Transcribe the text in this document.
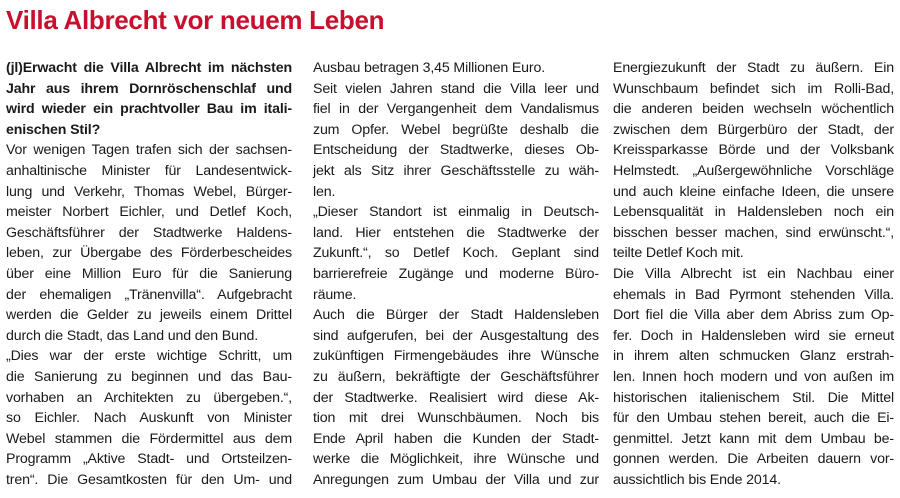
Villa Albrecht vor neuem Leben
(jl)Erwacht die Villa Albrecht im nächsten
Jahr aus ihrem Dornröschenschlaf und
wird wieder ein prachtvoller Bau im itali-
enischen Stil?
Vor wenigen Tagen trafen sich der sachsen-
anhaltinische Minister für Landesentwick-
lung und Verkehr, Thomas Webel, Bürger-
meister Norbert Eichler, und Detlef Koch,
Geschäftsführer der Stadtwerke Haldens-
leben, zur Übergabe des Förderbescheides
über eine Million Euro für die Sanierung
der ehemaligen „Tränenvilla“. Aufgebracht
werden die Gelder zu jeweils einem Drittel
durch die Stadt, das Land und den Bund.
„Dies war der erste wichtige Schritt, um
die Sanierung zu beginnen und das Bau-
vorhaben an Architekten zu übergeben.“,
so Eichler. Nach Auskunft von Minister
Webel stammen die Fördermittel aus dem
Programm „Aktive Stadt- und Ortsteilzen-
tren“. Die Gesamtkosten für den Um- und
Ausbau betragen 3,45 Millionen Euro.
Seit vielen Jahren stand die Villa leer und
fiel in der Vergangenheit dem Vandalismus
zum Opfer. Webel begrüßte deshalb die
Entscheidung der Stadtwerke, dieses Ob-
jekt als Sitz ihrer Geschäftsstelle zu wäh-
len.
„Dieser Standort ist einmalig in Deutsch-
land. Hier entstehen die Stadtwerke der
Zukunft.“, so Detlef Koch. Geplant sind
barrierefreie Zugänge und moderne Büro-
räume.
Auch die Bürger der Stadt Haldensleben
sind aufgerufen, bei der Ausgestaltung des
zukünftigen Firmengebäudes ihre Wünsche
zu äußern, bekräftigte der Geschäftsführer
der Stadtwerke. Realisiert wird diese Ak-
tion mit drei Wunschbäumen. Noch bis
Ende April haben die Kunden der Stadt-
werke die Möglichkeit, ihre Wünsche und
Anregungen zum Umbau der Villa und zur
Energiezukunft der Stadt zu äußern. Ein
Wunschbaum befindet sich im Rolli-Bad,
die anderen beiden wechseln wöchentlich
zwischen dem Bürgerbüro der Stadt, der
Kreissparkasse Börde und der Volksbank
Helmstedt. „Außergewöhnliche Vorschläge
und auch kleine einfache Ideen, die unsere
Lebensqualität in Haldensleben noch ein
bisschen besser machen, sind erwünscht.“,
teilte Detlef Koch mit.
Die Villa Albrecht ist ein Nachbau einer
ehemals in Bad Pyrmont stehenden Villa.
Dort fiel die Villa aber dem Abriss zum Op-
fer. Doch in Haldensleben wird sie erneut
in ihrem alten schmucken Glanz erstrah-
len. Innen hoch modern und von außen im
historischen italienischem Stil. Die Mittel
für den Umbau stehen bereit, auch die Ei-
genmittel. Jetzt kann mit dem Umbau be-
gonnen werden. Die Arbeiten dauern vor-
aussichtlich bis Ende 2014.
